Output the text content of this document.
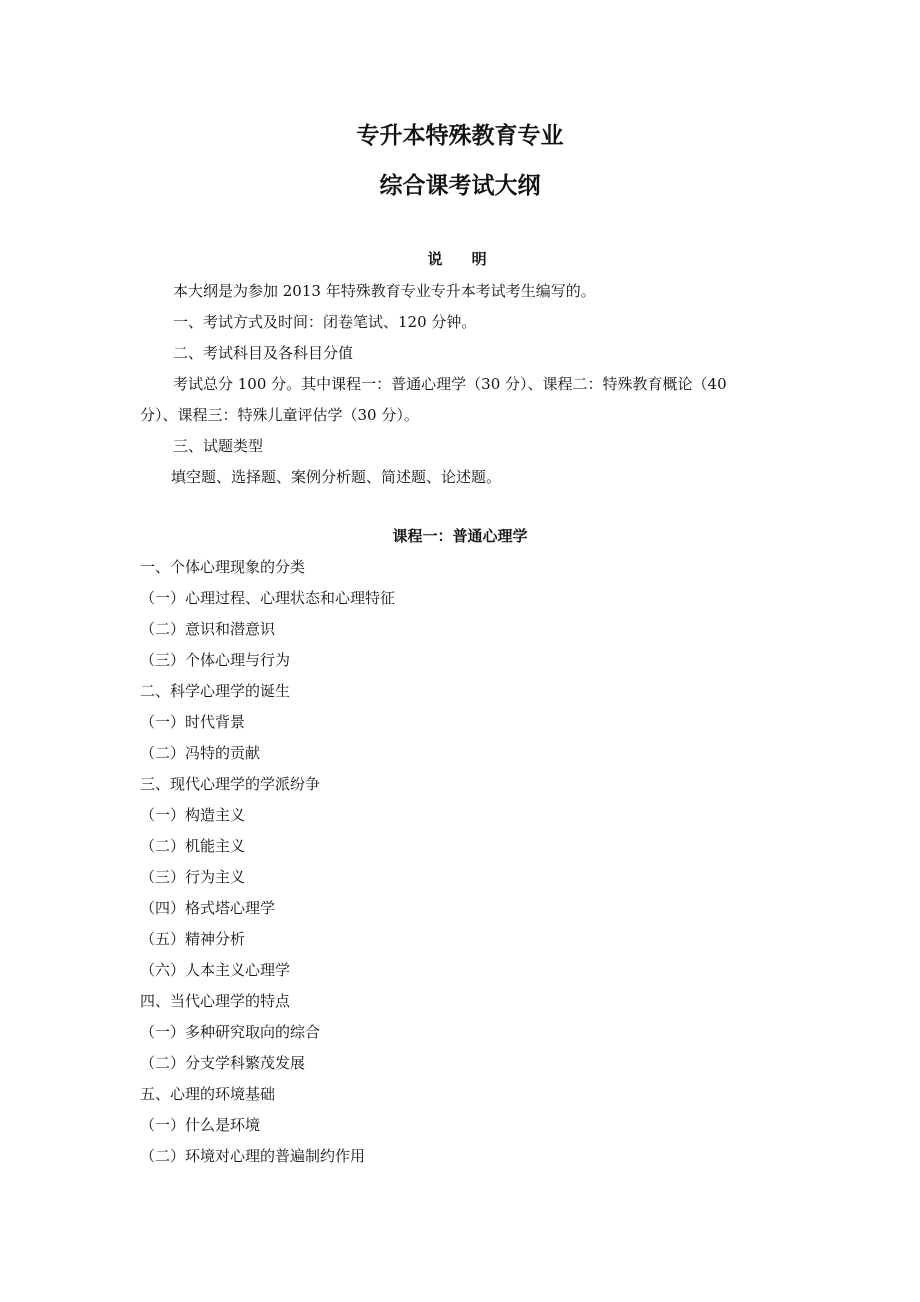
专升本特殊教育专业
综合课考试大纲
说 明
本大纲是为参加 2013 年特殊教育专业专升本考试考生编写的。
一、考试方式及时间：闭卷笔试、120 分钟。
二、考试科目及各科目分值
考试总分 100 分。其中课程一：普通心理学（30 分）、课程二：特殊教育概论（40
分）、课程三：特殊儿童评估学（30 分）。
三、试题类型
填空题、选择题、案例分析题、简述题、论述题。
课程一：普通心理学
一、个体心理现象的分类
（一）心理过程、心理状态和心理特征
（二）意识和潜意识
（三）个体心理与行为
二、科学心理学的诞生
（一）时代背景
（二）冯特的贡献
三、现代心理学的学派纷争
（一）构造主义
（二）机能主义
（三）行为主义
（四）格式塔心理学
（五）精神分析
（六）人本主义心理学
四、当代心理学的特点
（一）多种研究取向的综合
（二）分支学科繁茂发展
五、心理的环境基础
（一）什么是环境
（二）环境对心理的普遍制约作用
